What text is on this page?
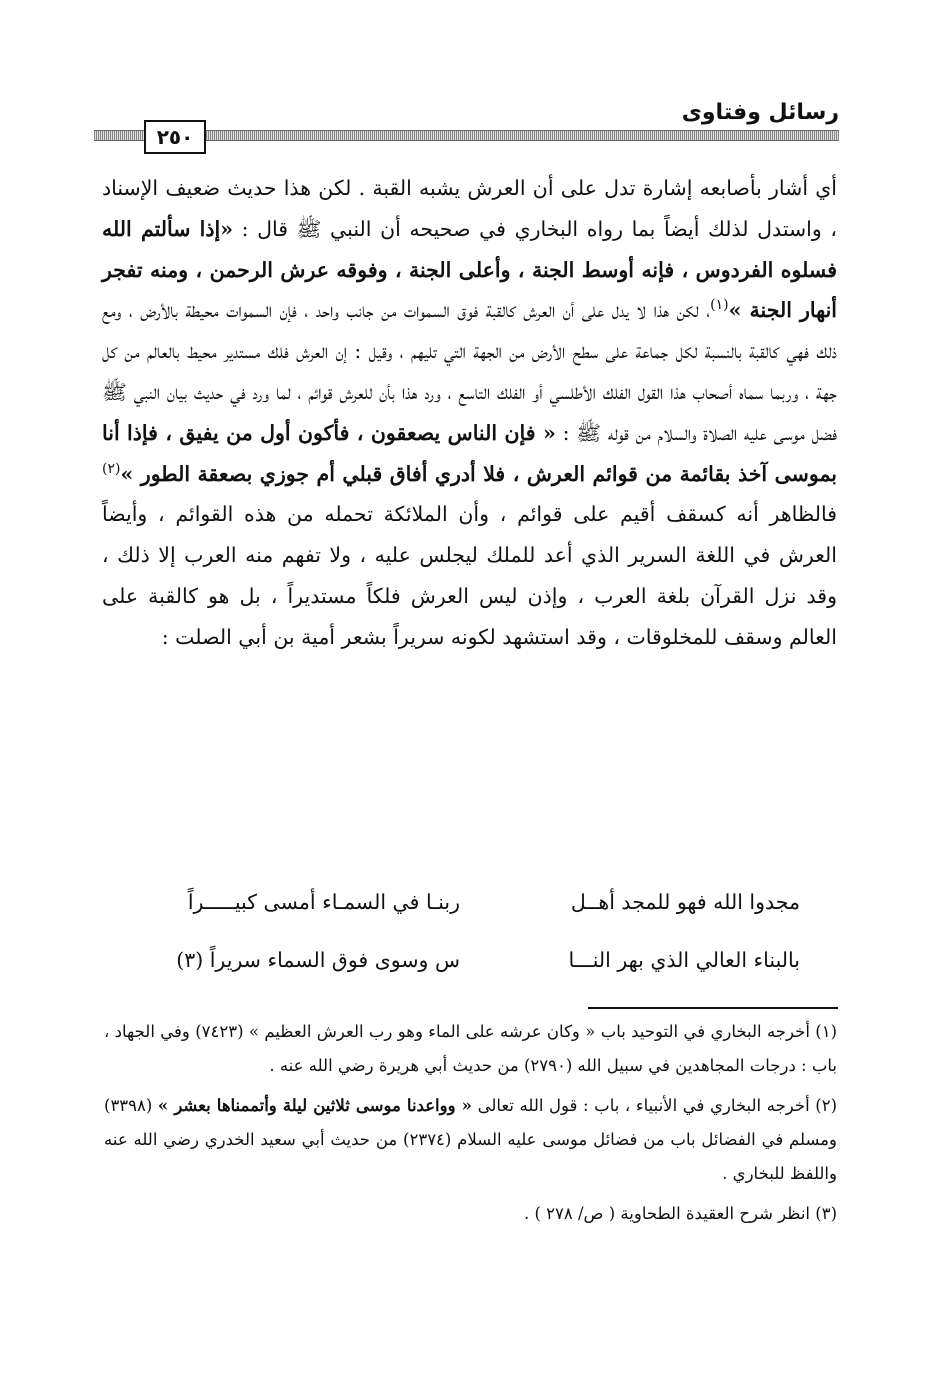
رسائل وفتاوى
٢٥٠

أي أشار بأصابعه إشارة تدل على أن العرش يشبه القبة . لكن هذا حديث ضعيف الإسناد ، واستدل لذلك أيضاً بما رواه البخاري في صحيحه أن النبي ﷺ قال : «إذا سألتم الله فسلوه الفردوس ، فإنه أوسط الجنة ، وأعلى الجنة ، وفوقه عرش الرحمن ، ومنه تفجر أنهار الجنة »$^{(١)}$، لكن هذا لا يدل على أن العرش كالقبة فوق السموات من جانب واحد ، فإن السموات محيطة بالأرض ، ومع ذلك فهي كالقبة بالنسبة لكل جماعة على سطح الأرض من الجهة التي تليهم ، وقيل : إن العرش فلك مستدير محيط بالعالم من كل جهة ، وربما سماه أصحاب هذا القول الفلك الأطلسي أو الفلك التاسع ، ورد هذا بأن للعرش قوائم ، لما ورد في حديث بيان النبي ﷺ فضل موسى عليه الصلاة والسلام من قوله ﷺ : « فإن الناس يصعقون ، فأكون أول من يفيق ، فإذا أنا بموسى آخذ بقائمة من قوائم العرش ، فلا أدري أفاق قبلي أم جوزي بصعقة الطور »$^{(٢)}$ فالظاهر أنه كسقف أقيم على قوائم ، وأن الملائكة تحمله من هذه القوائم ، وأيضاً العرش في اللغة السرير الذي أعد للملك ليجلس عليه ، ولا تفهم منه العرب إلا ذلك ، وقد نزل القرآن بلغة العرب ، وإذن ليس العرش فلكاً مستديراً ، بل هو كالقبة على العالم وسقف للمخلوقات ، وقد استشهد لكونه سريراً بشعر أمية بن أبي الصلت :

مجدوا الله فهو للمجد أهــل
ربنـا في السمـاء أمسى كبيـــــراً
بالبناء العالي الذي بهر النـــا
س وسوى فوق السماء سريراً (٣)

(١) أخرجه البخاري في التوحيد باب « وكان عرشه على الماء وهو رب العرش العظيم » (٧٤٢٣) وفي الجهاد ، باب : درجات المجاهدين في سبيل الله (٢٧٩٠) من حديث أبي هريرة رضي الله عنه .

(٢) أخرجه البخاري في الأنبياء ، باب : قول الله تعالى « وواعدنا موسى ثلاثين ليلة وأتممناها بعشر » (٣٣٩٨) ومسلم في الفضائل باب من فضائل موسى عليه السلام (٢٣٧٤) من حديث أبي سعيد الخدري رضي الله عنه واللفظ للبخاري .

(٣) انظر شرح العقيدة الطحاوية ( ص/ ٢٧٨ ) .
